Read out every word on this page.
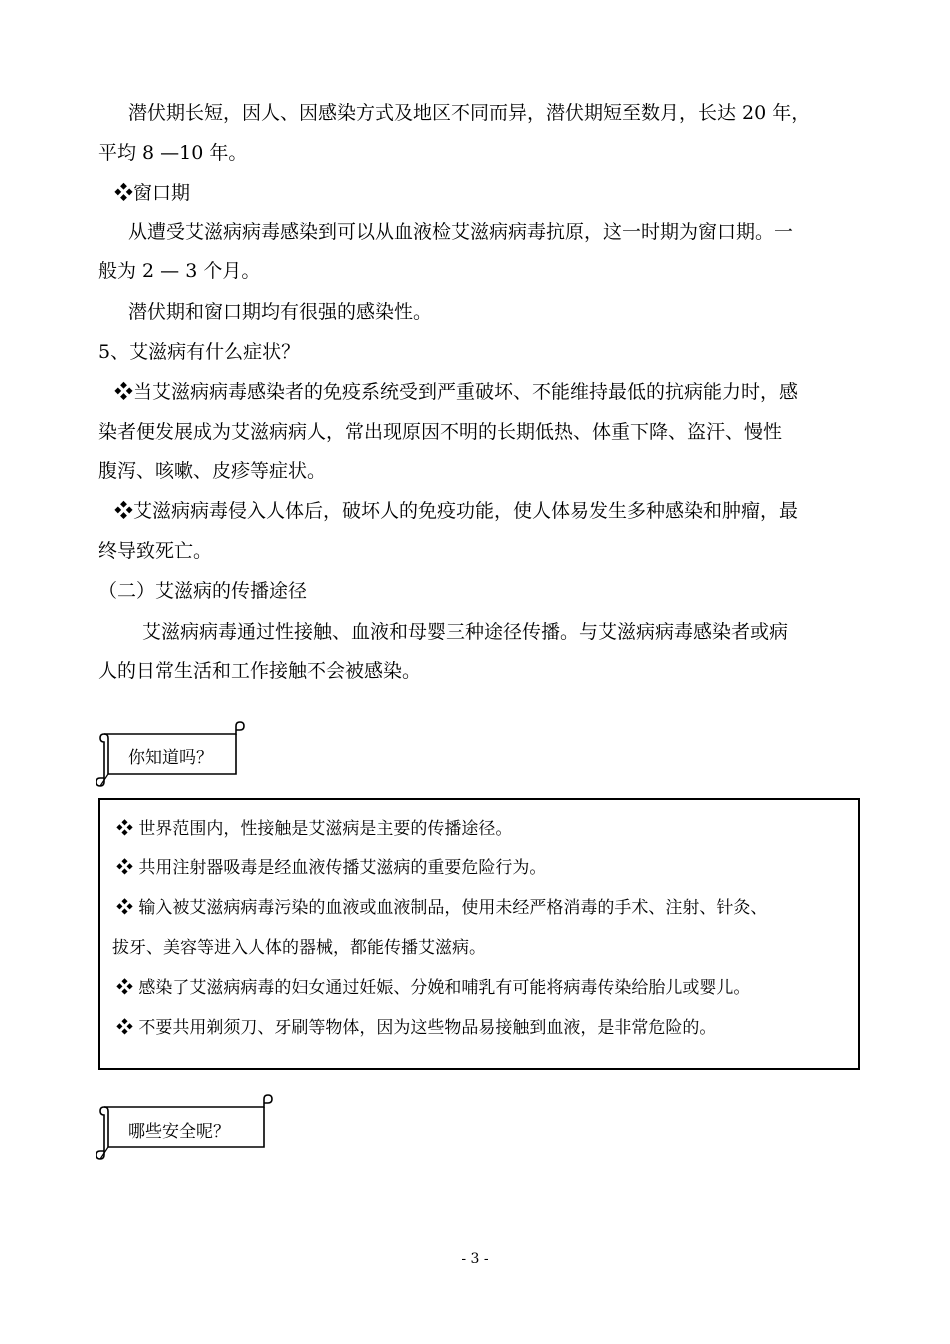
潜伏期长短，因人、因感染方式及地区不同而异，潜伏期短至数月，长达 20 年，
平均 8 —10 年。
❖窗口期
从遭受艾滋病病毒感染到可以从血液检艾滋病病毒抗原，这一时期为窗口期。一
般为 2 — 3 个月。
潜伏期和窗口期均有很强的感染性。
5、艾滋病有什么症状？
❖当艾滋病病毒感染者的免疫系统受到严重破坏、不能维持最低的抗病能力时，感
染者便发展成为艾滋病病人，常出现原因不明的长期低热、体重下降、盗汗、慢性
腹泻、咳嗽、皮疹等症状。
❖艾滋病病毒侵入人体后，破坏人的免疫功能，使人体易发生多种感染和肿瘤，最
终导致死亡。
（二）艾滋病的传播途径
艾滋病病毒通过性接触、血液和母婴三种途径传播。与艾滋病病毒感染者或病
人的日常生活和工作接触不会被感染。
你知道吗？
❖ 世界范围内，性接触是艾滋病是主要的传播途径。
❖ 共用注射器吸毒是经血液传播艾滋病的重要危险行为。
❖ 输入被艾滋病病毒污染的血液或血液制品，使用未经严格消毒的手术、注射、针灸、
拔牙、美容等进入人体的器械，都能传播艾滋病。
❖ 感染了艾滋病病毒的妇女通过妊娠、分娩和哺乳有可能将病毒传染给胎儿或婴儿。
❖ 不要共用剃须刀、牙刷等物体，因为这些物品易接触到血液，是非常危险的。
哪些安全呢？
- 3 -
